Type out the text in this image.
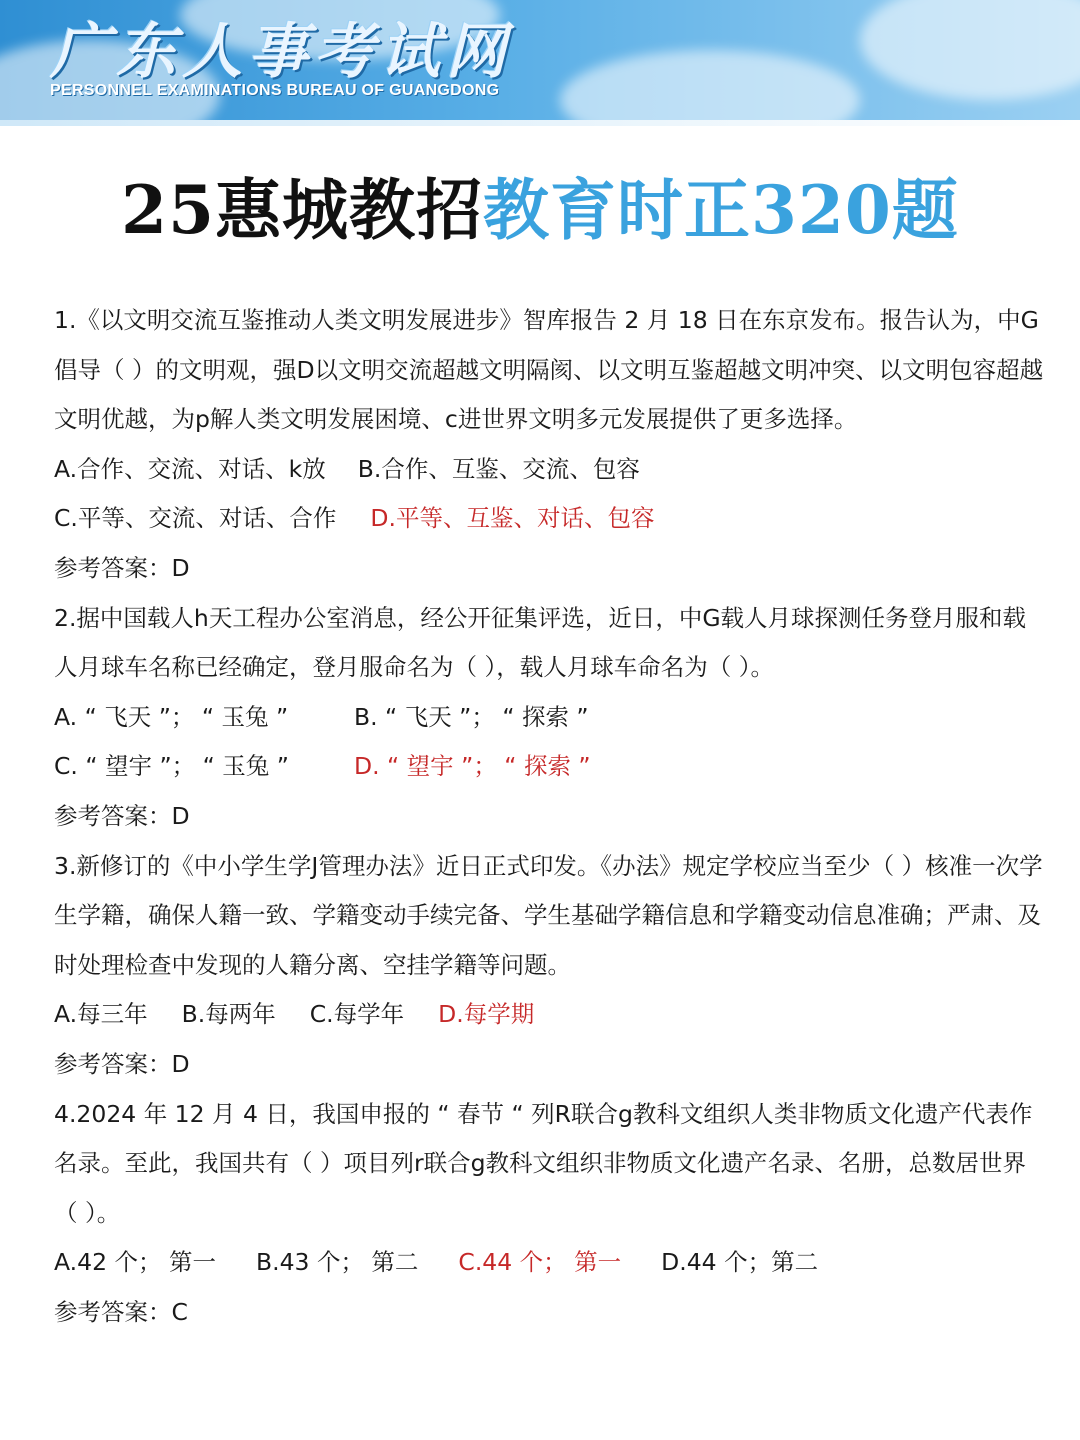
广东人事考试网
PERSONNEL EXAMINATIONS BUREAU OF GUANGDONG
25惠城教招教育时正320题

1.《以文明交流互鉴推动人类文明发展进步》智库报告 2 月 18 日在东京发布。报告认为，中G倡导（ ）的文明观，强D以文明交流超越文明隔阂、以文明互鉴超越文明冲突、以文明包容超越文明优越，为p解人类文明发展困境、c进世界文明多元发展提供了更多选择。

A.合作、交流、对话、k放 B.合作、互鉴、交流、包容

C.平等、交流、对话、合作 D.平等、互鉴、对话、包容

参考答案：D

2.据中国载人h天工程办公室消息，经公开征集评选，近日，中G载人月球探测任务登月服和载人月球车名称已经确定，登月服命名为（ ），载人月球车命名为（ ）。

A. “ 飞天 ”； “ 玉兔 ”	B. “ 飞天 ”； “ 探索 ”

C. “ 望宇 ”； “ 玉兔 ”	D. “ 望宇 ”； “ 探索 ”

参考答案：D

3.新修订的《中小学生学J管理办法》近日正式印发。《办法》规定学校应当至少（ ）核准一次学生学籍，确保人籍一致、学籍变动手续完备、学生基础学籍信息和学籍变动信息准确；严肃、及时处理检查中发现的人籍分离、空挂学籍等问题。

A.每三年 B.每两年 C.每学年 D.每学期

参考答案：D

4.2024 年 12 月 4 日，我国申报的 “ 春节 “ 列R联合g教科文组织人类非物质文化遗产代表作名录。至此，我国共有（ ）项目列r联合g教科文组织非物质文化遗产名录、名册，总数居世界（ ）。

A.42 个； 第一 B.43 个； 第二 C.44 个； 第一 D.44 个；第二

参考答案：C
